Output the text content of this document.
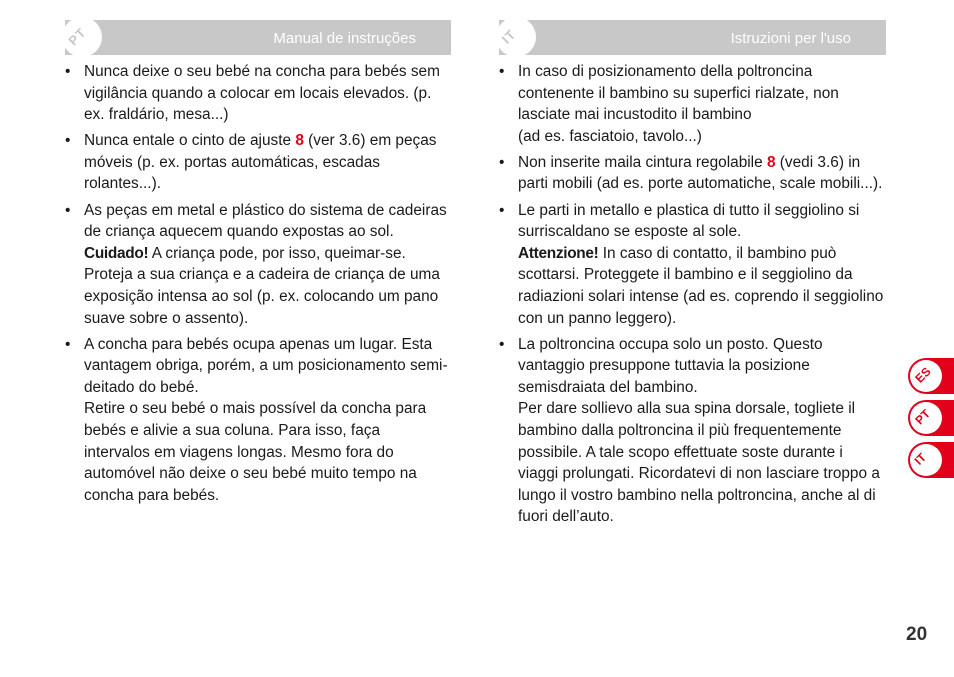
PT	Manual de instruções	IT	Istruzioni per l'uso
• Nunca deixe o seu bebé na concha para bebés sem vigilância quando a colocar em locais elevados. (p. ex. fraldário, mesa...)
• Nunca entale o cinto de ajuste 8 (ver 3.6) em peças móveis (p. ex. portas automáticas, escadas rolantes...).
• As peças em metal e plástico do sistema de cadeiras de criança aquecem quando expostas ao sol.
Cuidado! A criança pode, por isso, queimar-se. Proteja a sua criança e a cadeira de criança de uma exposição intensa ao sol (p. ex. colocando um pano suave sobre o assento).
• A concha para bebés ocupa apenas um lugar. Esta vantagem obriga, porém, a um posicionamento semi-deitado do bebé.
Retire o seu bebé o mais possível da concha para bebés e alivie a sua coluna. Para isso, faça intervalos em viagens longas. Mesmo fora do automóvel não deixe o seu bebé muito tempo na concha para bebés.
• In caso di posizionamento della poltroncina contenente il bambino su superfici rialzate, non lasciate mai incustodito il bambino
(ad es. fasciatoio, tavolo...)
• Non inserite maila cintura regolabile 8 (vedi 3.6) in parti mobili (ad es. porte automatiche, scale mobili...).
• Le parti in metallo e plastica di tutto il seggiolino si surriscaldano se esposte al sole.
Attenzione! In caso di contatto, il bambino può scottarsi. Proteggete il bambino e il seggiolino da radiazioni solari intense (ad es. coprendo il seggiolino con un panno leggero).
• La poltroncina occupa solo un posto. Questo vantaggio presuppone tuttavia la posizione semisdraiata del bambino.
Per dare sollievo alla sua spina dorsale, togliete il bambino dalla poltroncina il più frequentemente possibile. A tale scopo effettuate soste durante i viaggi prolungati. Ricordatevi di non lasciare troppo a lungo il vostro bambino nella poltroncina, anche al di fuori dell’auto.
ES
PT
IT
20
